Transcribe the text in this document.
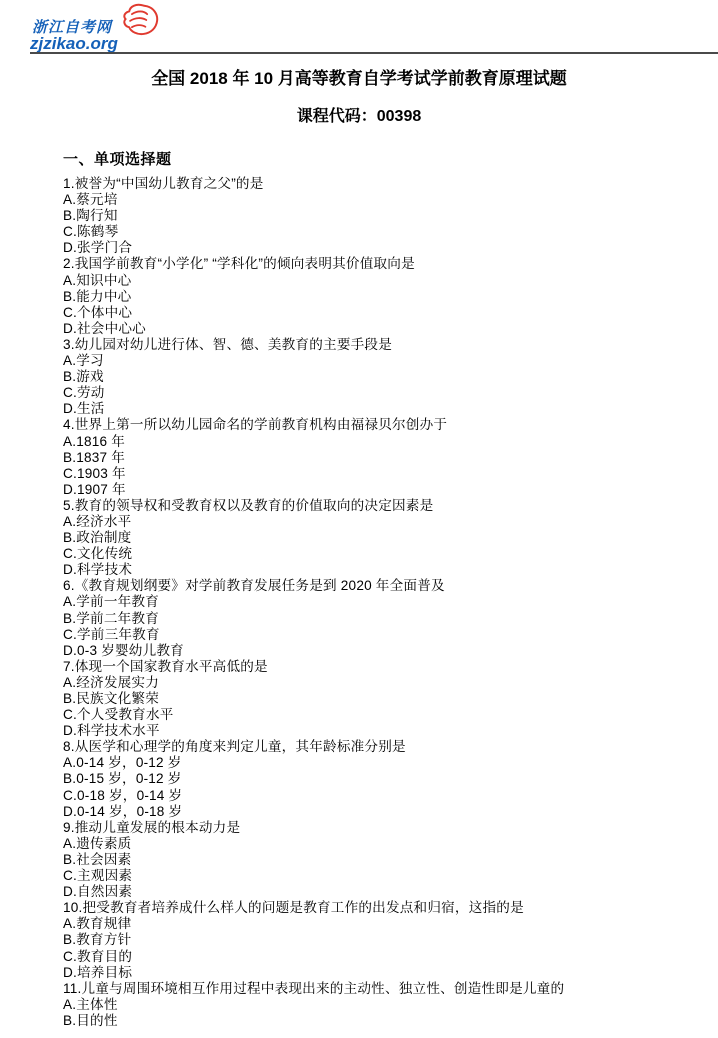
浙江自考网
zjzikao.org
全国 2018 年 10 月高等教育自学考试学前教育原理试题
课程代码：00398
一、单项选择题
1.被誉为“中国幼儿教育之父”的是
A.蔡元培
B.陶行知
C.陈鹤琴
D.张学门合
2.我国学前教育“小学化” “学科化”的倾向表明其价值取向是
A.知识中心
B.能力中心
C.个体中心
D.社会中心心
3.幼儿园对幼儿进行体、智、德、美教育的主要手段是
A.学习
B.游戏
C.劳动
D.生活
4.世界上第一所以幼儿园命名的学前教育机构由福禄贝尔创办于
A.1816 年
B.1837 年
C.1903 年
D.1907 年
5.教育的领导权和受教育权以及教育的价值取向的决定因素是
A.经济水平
B.政治制度
C.文化传统
D.科学技术
6.《教育规划纲要》对学前教育发展任务是到 2020 年全面普及
A.学前一年教育
B.学前二年教育
C.学前三年教育
D.0-3 岁婴幼儿教育
7.体现一个国家教育水平高低的是
A.经济发展实力
B.民族文化繁荣
C.个人受教育水平
D.科学技术水平
8.从医学和心理学的角度来判定儿童，其年龄标准分别是
A.0-14 岁，0-12 岁
B.0-15 岁，0-12 岁
C.0-18 岁，0-14 岁
D.0-14 岁，0-18 岁
9.推动儿童发展的根本动力是
A.遗传素质
B.社会因素
C.主观因素
D.自然因素
10.把受教育者培养成什么样人的问题是教育工作的出发点和归宿，这指的是
A.教育规律
B.教育方针
C.教育目的
D.培养目标
11.儿童与周围环境相互作用过程中表现出来的主动性、独立性、创造性即是儿童的
A.主体性
B.目的性
